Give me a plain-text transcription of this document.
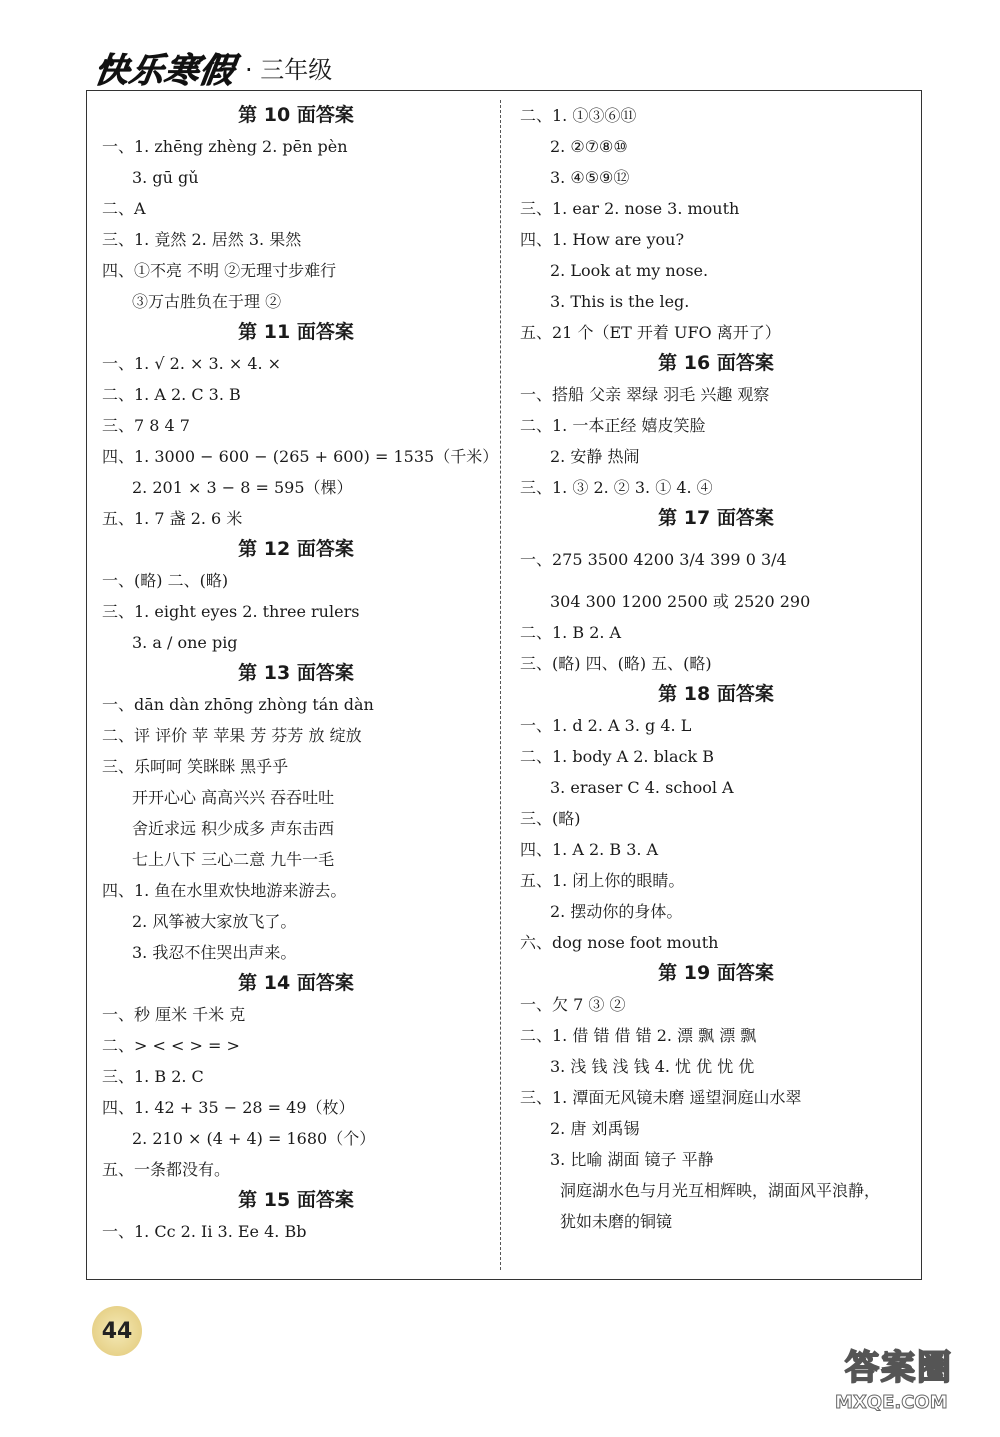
快乐寒假 · 三年级
第 10 面答案
一、1. zhēng zhèng 2. pēn pèn
3. gū gǔ
二、A
三、1. 竟然 2. 居然 3. 果然
四、①不亮 不明 ②无理寸步难行
③万古胜负在于理 ②
第 11 面答案
一、1. √ 2. × 3. × 4. ×
二、1. A 2. C 3. B
三、7 8 4 7
四、1. 3000 − 600 − (265 + 600) = 1535（千米）
2. 201 × 3 − 8 = 595（棵）
五、1. 7 盏 2. 6 米
第 12 面答案
一、(略) 二、(略)
三、1. eight eyes 2. three rulers
3. a / one pig
第 13 面答案
一、dān dàn zhōng zhòng tán dàn
二、评 评价 苹 苹果 芳 芬芳 放 绽放
三、乐呵呵 笑眯眯 黑乎乎
开开心心 高高兴兴 吞吞吐吐
舍近求远 积少成多 声东击西
七上八下 三心二意 九牛一毛
四、1. 鱼在水里欢快地游来游去。
2. 风筝被大家放飞了。
3. 我忍不住哭出声来。
第 14 面答案
一、秒 厘米 千米 克
二、> < < > = >
三、1. B 2. C
四、1. 42 + 35 − 28 = 49（枚）
2. 210 × (4 + 4) = 1680（个）
五、一条都没有。
第 15 面答案
一、1. Cc 2. Ii 3. Ee 4. Bb
二、1. ①③⑥⑪
2. ②⑦⑧⑩
3. ④⑤⑨⑫
三、1. ear 2. nose 3. mouth
四、1. How are you?
2. Look at my nose.
3. This is the leg.
五、21 个（ET 开着 UFO 离开了）
第 16 面答案
一、搭船 父亲 翠绿 羽毛 兴趣 观察
二、1. 一本正经 嬉皮笑脸
2. 安静 热闹
三、1. ③ 2. ② 3. ① 4. ④
第 17 面答案
一、275 3500 4200 3/4 399 0 3/4
304 300 1200 2500 或 2520 290
二、1. B 2. A
三、(略) 四、(略) 五、(略)
第 18 面答案
一、1. d 2. A 3. g 4. L
二、1. body A 2. black B
3. eraser C 4. school A
三、(略)
四、1. A 2. B 3. A
五、1. 闭上你的眼睛。
2. 摆动你的身体。
六、dog nose foot mouth
第 19 面答案
一、欠 7 ③ ②
二、1. 借 错 借 错 2. 漂 飘 漂 飘
3. 浅 钱 浅 钱 4. 忧 优 忧 优
三、1. 潭面无风镜未磨 遥望洞庭山水翠
2. 唐 刘禹锡
3. 比喻 湖面 镜子 平静
洞庭湖水色与月光互相辉映，湖面风平浪静，
犹如未磨的铜镜
44
答案圈
MXQE.COM
